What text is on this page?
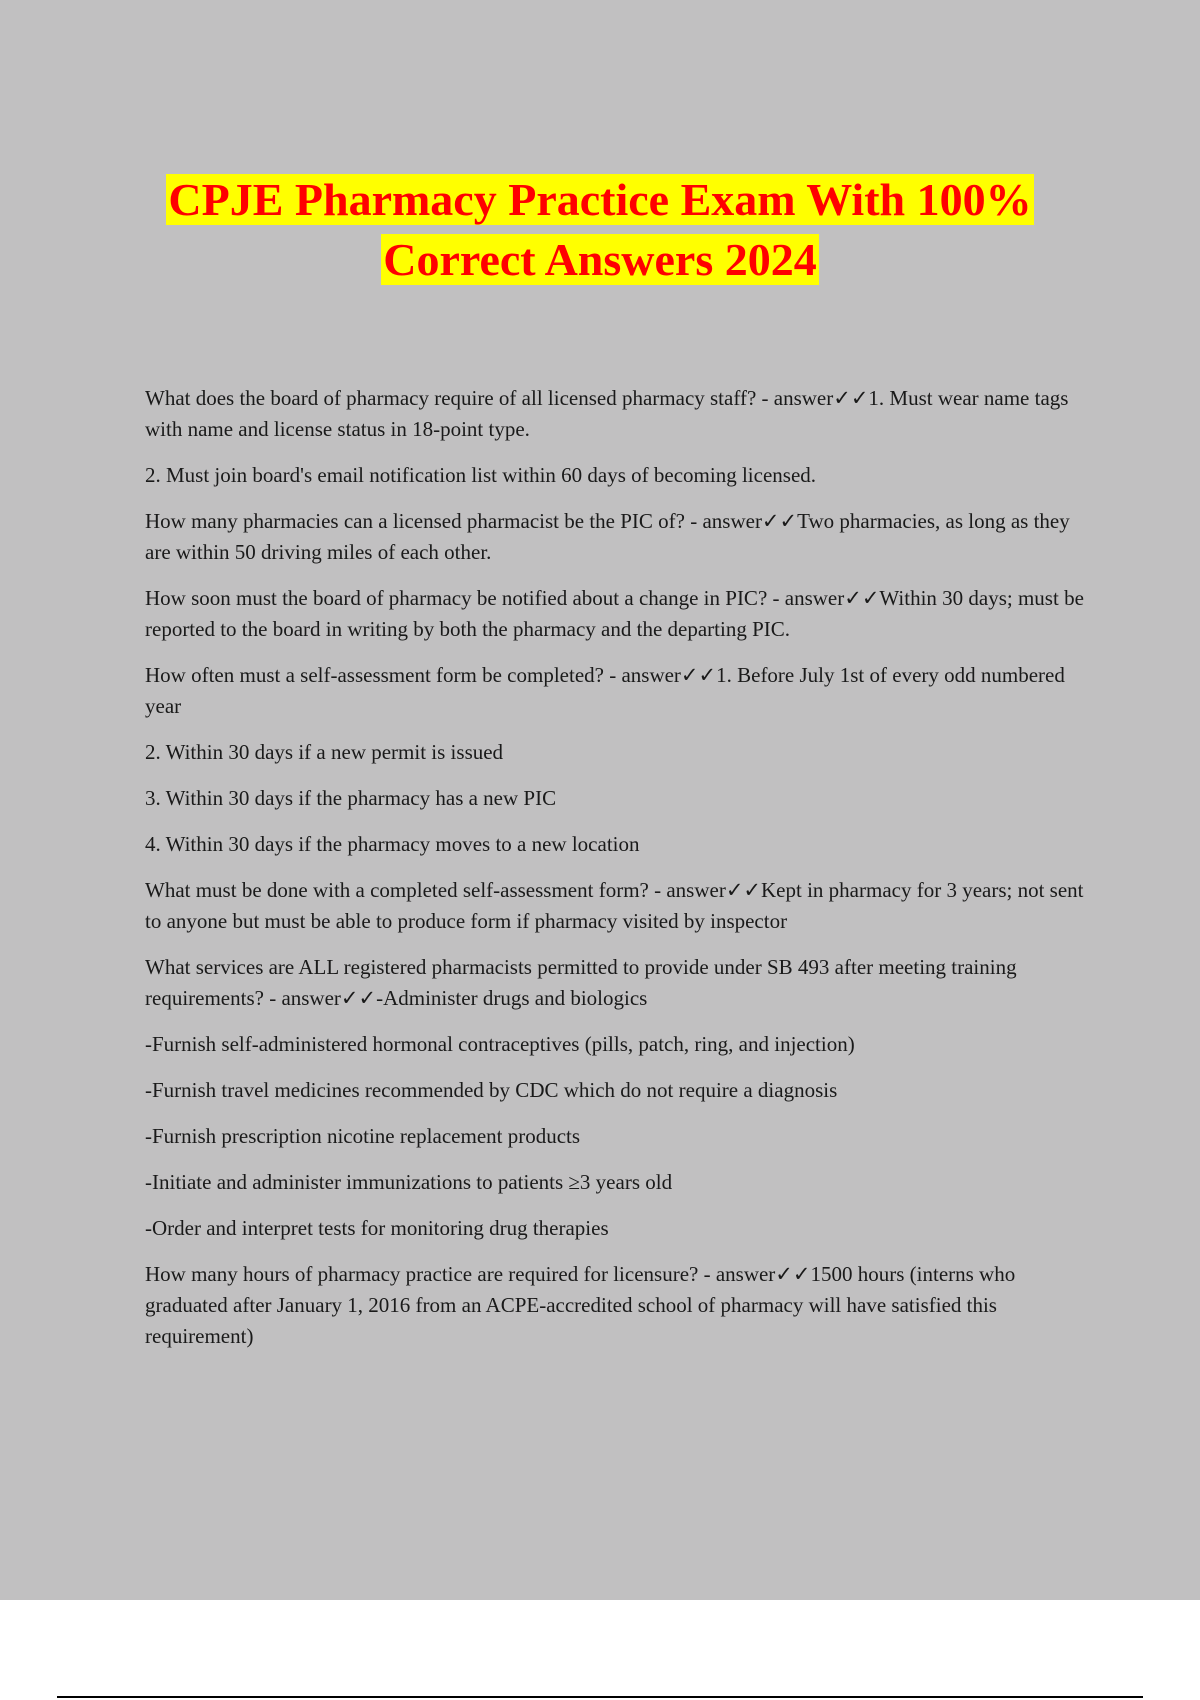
CPJE Pharmacy Practice Exam With 100%
Correct Answers 2024

What does the board of pharmacy require of all licensed pharmacy staff? - answer✓✓1. Must wear name tags with name and license status in 18-point type.

2. Must join board's email notification list within 60 days of becoming licensed.

How many pharmacies can a licensed pharmacist be the PIC of? - answer✓✓Two pharmacies, as long as they are within 50 driving miles of each other.

How soon must the board of pharmacy be notified about a change in PIC? - answer✓✓Within 30 days; must be reported to the board in writing by both the pharmacy and the departing PIC.

How often must a self-assessment form be completed? - answer✓✓1. Before July 1st of every odd numbered year

2. Within 30 days if a new permit is issued

3. Within 30 days if the pharmacy has a new PIC

4. Within 30 days if the pharmacy moves to a new location

What must be done with a completed self-assessment form? - answer✓✓Kept in pharmacy for 3 years; not sent to anyone but must be able to produce form if pharmacy visited by inspector

What services are ALL registered pharmacists permitted to provide under SB 493 after meeting training requirements? - answer✓✓-Administer drugs and biologics

-Furnish self-administered hormonal contraceptives (pills, patch, ring, and injection)

-Furnish travel medicines recommended by CDC which do not require a diagnosis

-Furnish prescription nicotine replacement products

-Initiate and administer immunizations to patients ≥3 years old

-Order and interpret tests for monitoring drug therapies

How many hours of pharmacy practice are required for licensure? - answer✓✓1500 hours (interns who graduated after January 1, 2016 from an ACPE-accredited school of pharmacy will have satisfied this requirement)
